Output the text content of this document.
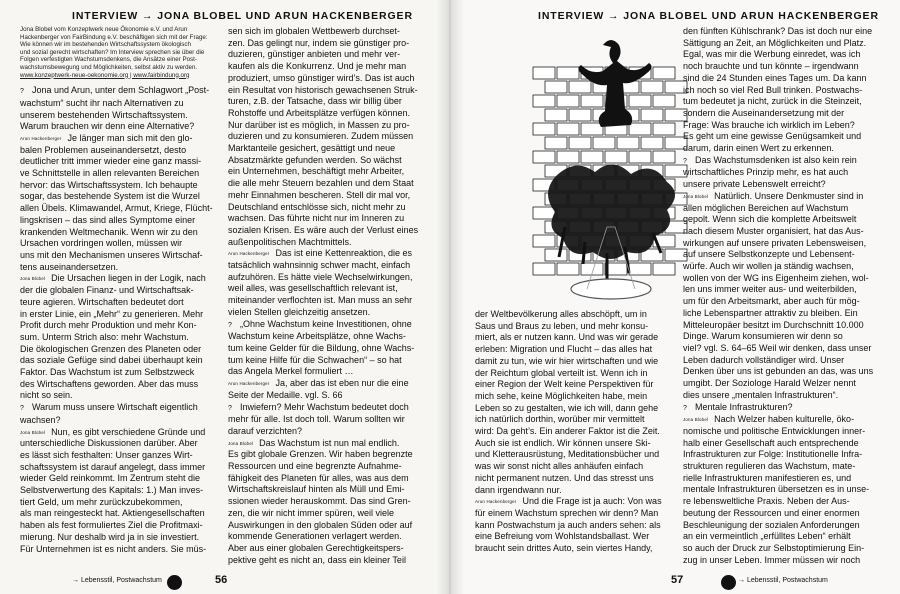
INTERVIEW → JONA BLOBEL UND ARUN HACKENBERGER
Jona Blobel vom Konzeptwerk neue Ökonomie e.V. und Arun
Hackenberger von FairBindung e.V. beschäftigen sich mit der Frage:
Wie können wir im bestehenden Wirtschaftssystem ökologisch
und sozial gerecht wirtschaften? Im Interview sprechen sie über die
Folgen verfestigten Wachstumsdenkens, die Ansätze einer Post-
wachstumsbewegung und Möglichkeiten, selbst aktiv zu werden.
www.konzeptwerk-neue-oekonomie.org | www.fairbindung.org

? Jona und Arun, unter dem Schlagwort „Post-
wachstum“ sucht ihr nach Alternativen zu
unserem bestehenden Wirtschaftssystem.
Warum brauchen wir denn eine Alternative?

Arun Hackenberger Je länger man sich mit den glo-
balen Problemen auseinandersetzt, desto
deutlicher tritt immer wieder eine ganz massi-
ve Schnittstelle in allen relevanten Bereichen
hervor: das Wirtschaftssystem. Ich behaupte
sogar, das bestehende System ist die Wurzel
allen Übels. Klimawandel, Armut, Kriege, Flücht-
lingskrisen – das sind alles Symptome einer
krankenden Weltmechanik. Wenn wir zu den
Ursachen vordringen wollen, müssen wir
uns mit den Mechanismen unseres Wirtschaf-
tens auseinandersetzen.

Jona Blobel Die Ursachen liegen in der Logik, nach
der die globalen Finanz- und Wirtschaftsak-
teure agieren. Wirtschaften bedeutet dort
in erster Linie, ein „Mehr“ zu generieren. Mehr
Profit durch mehr Produktion und mehr Kon-
sum. Unterm Strich also: mehr Wachstum.
Die ökologischen Grenzen des Planeten oder
das soziale Gefüge sind dabei überhaupt kein
Faktor. Das Wachstum ist zum Selbstzweck
des Wirtschaftens geworden. Aber das muss
nicht so sein.

? Warum muss unsere Wirtschaft eigentlich
wachsen?

Jona Blobel Nun, es gibt verschiedene Gründe und
unterschiedliche Diskussionen darüber. Aber
es lässt sich festhalten: Unser ganzes Wirt-
schaftssystem ist darauf angelegt, dass immer
wieder Geld reinkommt. Im Zentrum steht die
Selbstverwertung des Kapitals: 1.) Man inves-
tiert Geld, um mehr zurückzubekommen,
als man reingesteckt hat. Aktiengesellschaften
haben als fest formuliertes Ziel die Profitmaxi-
mierung. Nur deshalb wird ja in sie investiert.
Für Unternehmen ist es nicht anders. Sie müs-

sen sich im globalen Wettbewerb durchset-
zen. Das gelingt nur, indem sie günstiger pro-
duzieren, günstiger anbieten und mehr ver-
kaufen als die Konkurrenz. Und je mehr man
produziert, umso günstiger wird’s. Das ist auch
ein Resultat von historisch gewachsenen Struk-
turen, z.B. der Tatsache, dass wir billig über
Rohstoffe und Arbeitsplätze verfügen können.
Nur darüber ist es möglich, in Massen zu pro-
duzieren und zu konsumieren. Zudem müssen
Marktanteile gesichert, gesättigt und neue
Absatzmärkte gefunden werden. So wächst
ein Unternehmen, beschäftigt mehr Arbeiter,
die alle mehr Steuern bezahlen und dem Staat
mehr Einnahmen bescheren. Stell dir mal vor,
Deutschland entschlösse sich, nicht mehr zu
wachsen. Das führte nicht nur im Inneren zu
sozialen Krisen. Es wäre auch der Verlust eines
außenpolitischen Machtmittels.

Arun Hackenberger Das ist eine Kettenreaktion, die es
tatsächlich wahnsinnig schwer macht, einfach
aufzuhören. Es hätte viele Wechselwirkungen,
weil alles, was gesellschaftlich relevant ist,
miteinander verflochten ist. Man muss an sehr
vielen Stellen gleichzeitig ansetzen.

? „Ohne Wachstum keine Investitionen, ohne
Wachstum keine Arbeitsplätze, ohne Wachs-
tum keine Gelder für die Bildung, ohne Wachs-
tum keine Hilfe für die Schwachen“ – so hat
das Angela Merkel formuliert …

Arun Hackenberger Ja, aber das ist eben nur die eine
Seite der Medaille. vgl. S. 66

? Inwiefern? Mehr Wachstum bedeutet doch
mehr für alle. Ist doch toll. Warum sollten wir
darauf verzichten?

Jona Blobel Das Wachstum ist nun mal endlich.
Es gibt globale Grenzen. Wir haben begrenzte
Ressourcen und eine begrenzte Aufnahme-
fähigkeit des Planeten für alles, was aus dem
Wirtschaftskreislauf hinten als Müll und Emi-
ssionen wieder herauskommt. Das sind Gren-
zen, die wir nicht immer spüren, weil viele
Auswirkungen in den globalen Süden oder auf
kommende Generationen verlagert werden.
Aber aus einer globalen Gerechtigkeitspers-
pektive geht es nicht an, dass ein kleiner Teil

56
→ Lebensstil, Postwachstum
INTERVIEW → JONA BLOBEL UND ARUN HACKENBERGER

der Weltbevölkerung alles abschöpft, um in
Saus und Braus zu leben, und mehr konsu-
miert, als er nutzen kann. Und was wir gerade
erleben: Migration und Flucht – das alles hat
damit zu tun, wie wir hier wirtschaften und wie
der Reichtum global verteilt ist. Wenn ich in
einer Region der Welt keine Perspektiven für
mich sehe, keine Möglichkeiten habe, mein
Leben so zu gestalten, wie ich will, dann gehe
ich natürlich dorthin, worüber mir vermittelt
wird: Da geht’s. Ein anderer Faktor ist die Zeit.
Auch sie ist endlich. Wir können unsere Ski-
und Kletterausrüstung, Meditationsbücher und
was wir sonst nicht alles anhäufen einfach
nicht permanent nutzen. Und das stresst uns
dann irgendwann nur.

Arun Hackenberger Und die Frage ist ja auch: Von was
für einem Wachstum sprechen wir denn? Man
kann Postwachstum ja auch anders sehen: als
eine Befreiung vom Wohlstandsballast. Wer
braucht sein drittes Auto, sein viertes Handy,

den fünften Kühlschrank? Das ist doch nur eine
Sättigung an Zeit, an Möglichkeiten und Platz.
Egal, was mir die Werbung einredet, was ich
noch brauchte und tun könnte – irgendwann
sind die 24 Stunden eines Tages um. Da kann
ich noch so viel Red Bull trinken. Postwachs-
tum bedeutet ja nicht, zurück in die Steinzeit,
sondern die Auseinandersetzung mit der
Frage: Was brauche ich wirklich im Leben?
Es geht um eine gewisse Genügsamkeit und
darum, darin einen Wert zu erkennen.

? Das Wachstumsdenken ist also kein rein
wirtschaftliches Prinzip mehr, es hat auch
unsere private Lebenswelt erreicht?

Jona Blobel Natürlich. Unsere Denkmuster sind in
allen möglichen Bereichen auf Wachstum
gepolt. Wenn sich die komplette Arbeitswelt
nach diesem Muster organisiert, hat das Aus-
wirkungen auf unsere privaten Lebensweisen,
auf unsere Selbstkonzepte und Lebensent-
würfe. Auch wir wollen ja ständig wachsen,
wollen von der WG ins Eigenheim ziehen, wol-
len uns immer weiter aus- und weiterbilden,
um für den Arbeitsmarkt, aber auch für mög-
liche Lebenspartner attraktiv zu bleiben. Ein
Mitteleuropäer besitzt im Durchschnitt 10.000
Dinge. Warum konsumieren wir denn so
viel? vgl. S. 64–65 Weil wir denken, dass unser
Leben dadurch vollständiger wird. Unser
Denken über uns ist gebunden an das, was uns
umgibt. Der Soziologe Harald Welzer nennt
dies unsere „mentalen Infrastrukturen“.

? Mentale Infrastrukturen?

Jona Blobel Nach Welzer haben kulturelle, öko-
nomische und politische Entwicklungen inner-
halb einer Gesellschaft auch entsprechende
Infrastrukturen zur Folge: Institutionelle Infra-
strukturen regulieren das Wachstum, mate-
rielle Infrastrukturen manifestieren es, und
mentale Infrastrukturen übersetzen es in unse-
re lebensweltliche Praxis. Neben der Aus-
beutung der Ressourcen und einer enormen
Beschleunigung der sozialen Anforderungen
an ein vermeintlich „erfülltes Leben“ erhält
so auch der Druck zur Selbstoptimierung Ein-
zug in unser Leben. Immer müssen wir noch

57	→ Lebensstil, Postwachstum
